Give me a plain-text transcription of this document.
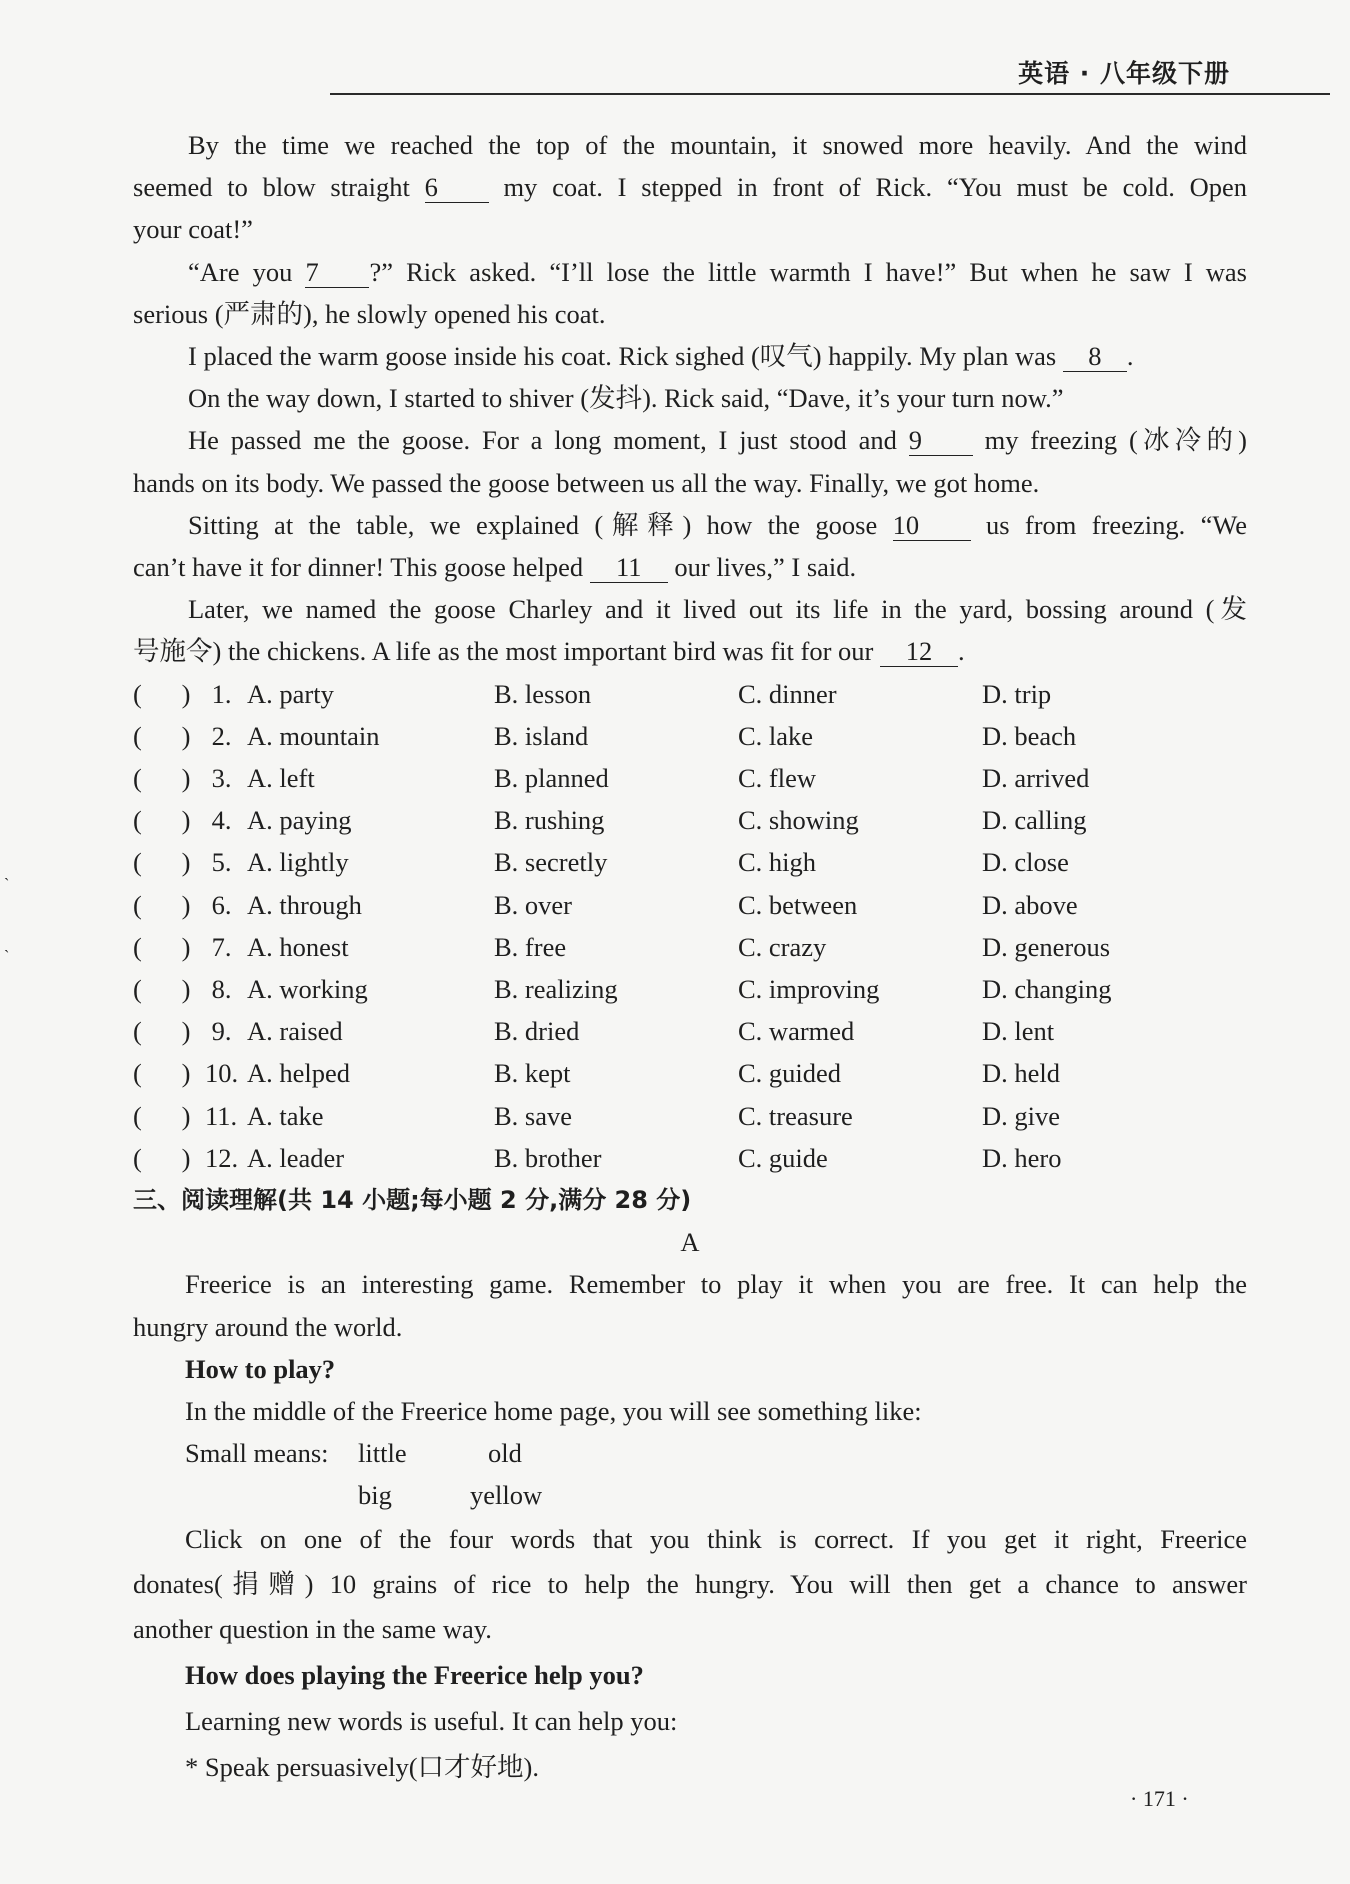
英语 · 八年级下册
`
`

By the time we reached the top of the mountain, it snowed more heavily. And the wind

seemed to blow straight 6 my coat. I stepped in front of Rick. “You must be cold. Open

your coat!”

“Are you 7 ?” Rick asked. “I’ll lose the little warmth I have!” But when he saw I was

serious (严肃的), he slowly opened his coat.

I placed the warm goose inside his coat. Rick sighed (叹气) happily. My plan was 8 .

On the way down, I started to shiver (发抖). Rick said, “Dave, it’s your turn now.”

He passed me the goose. For a long moment, I just stood and 9 my freezing (冰冷的)

hands on its body. We passed the goose between us all the way. Finally, we got home.

Sitting at the table, we explained (解释) how the goose 10 us from freezing. “We

can’t have it for dinner! This goose helped 11 our lives,” I said.

Later, we named the goose Charley and it lived out its life in the yard, bossing around (发

号施令) the chickens. A life as the most important bird was fit for our 12 .

(      ) 1. A. party	B. lesson	C. dinner	D. trip
(      ) 2. A. mountain	B. island	C. lake	D. beach
(      ) 3. A. left	B. planned	C. flew	D. arrived
(      ) 4. A. paying	B. rushing	C. showing	D. calling
(      ) 5. A. lightly	B. secretly	C. high	D. close
(      ) 6. A. through	B. over	C. between	D. above
(      ) 7. A. honest	B. free	C. crazy	D. generous
(      ) 8. A. working	B. realizing	C. improving	D. changing
(      ) 9. A. raised	B. dried	C. warmed	D. lent
(      ) 10. A. helped	B. kept	C. guided	D. held
(      ) 11. A. take	B. save	C. treasure	D. give
(      ) 12. A. leader	B. brother	C. guide	D. hero

三、阅读理解(共 14 小题;每小题 2 分,满分 28 分)

A

Freerice is an interesting game. Remember to play it when you are free. It can help the

hungry around the world.

How to play?

In the middle of the Freerice home page, you will see something like:

Small means: little	old
big	yellow

Click on one of the four words that you think is correct. If you get it right, Freerice

donates(捐赠) 10 grains of rice to help the hungry. You will then get a chance to answer

another question in the same way.

How does playing the Freerice help you?

Learning new words is useful. It can help you:

* Speak persuasively(口才好地).

· 171 ·
